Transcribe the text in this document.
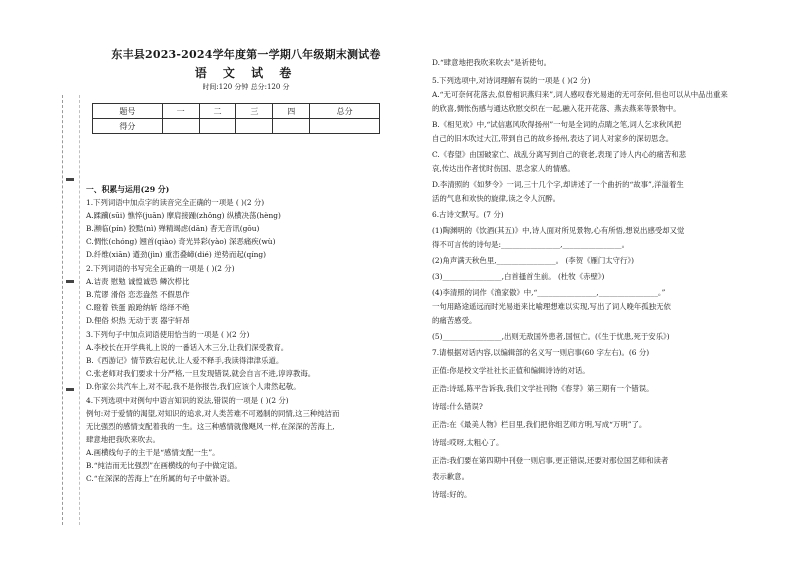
东丰县2023-2024学年度第一学期八年级期末测试卷
语 文 试 卷
时间:120 分钟 总分:120 分
题号	一	二	三	四	总分
得分					
一、积累与运用(29 分)
1.下列词语中加点字的读音完全正确的一项是 ( )(2 分)
A.蹂躏(sūi) 憔悴(juān) 摩肩接踵(zhǒng) 纵横决荡(hèng)
B.濒临(pín) 狡黠(nì) 殚精竭虑(dān) 杳无音讯(gōu)
C.惆怅(chóng) 翘首(qiào) 奇光异彩(yào) 深恶痛疾(wù)
D.纤维(xiān) 遒劲(jìn) 重峦叠嶂(dié) 逆势而起(qíng)
2.下列词语的书写完全正确的一项是 ( )(2 分)
A.诘责 慰勉 诚惶诚恐 鳞次栉比
B.荒谬 滑俗 恋恋盎然 不假思作
C.瞪着 铁蛋 踉跄纳斩 络绎不绝
D.俚俗 炽热 无动于衷 器宇轩昂
3.下列句子中加点词语使用恰当的一项是 ( )(2 分)
A.李校长在开学典礼上说的一番话入木三分,让我们深受教育。
B.《西游记》情节跌宕起伏,让人爱不释手,我读得津津乐道。
C.张老师对我们要求十分严格,一旦发现错误,就会自言不进,谆谆教诲。
D.你家公共汽车上,对不起,我不是你报告,我们应该个人肃然起敬。
4.下列选项中对例句中语言知识的说法,错误的一项是 ( )(2 分)
例句:对于爱情的渴望,对知识的追求,对人类苦难不可遏制的同情,这三种纯洁而
无比强烈的感情支配着我的一生。这三种感情就像飓风一样,在深深的苦海上,
肆意地把我吹来吹去。
A.画横线句子的主干是“感情支配一生”。
B.“纯洁而无比强烈”在画横线的句子中做定语。
C.“在深深的苦海上”在所属的句子中做补语。
D.“肆意地把我吹来吹去”是祈使句。
5.下列选项中,对诗词理解有误的一项是 ( )(2 分)
A.“无可奈何花落去,似曾相识燕归来”,词人感叹春光易逝的无可奈何,但也可以从中品出重来
的欣喜,惆怅伤感与通达欣慰交织在一起,融入花开花落、燕去燕来等景物中。
B.《相见欢》中,“试信惠风吹得扬州”一句是全词的点睛之笔,词人乞求秋风把
自己的旧木吹过大江,带到自己的故乡扬州,表达了词人对家乡的深切思念。
C.《春望》由国破家亡、战乱分离写到自己的衰老,表现了诗人内心的痛苦和悲
哀,传达出作者忧时伤国、思念家人的情感。
D.李清照的《如梦令》一词,三十几个字,却讲述了一个曲折的“故事”,洋溢着生
活的气息和欢快的旋律,读之令人沉醉。
6.古诗文默写。(7 分)
(1)陶渊明的《饮酒(其五)》中,诗人面对所见景物,心有所悟,想说出感受却又觉
得不可言传的诗句是:________________,________________。
(2)角声满天秋色里,________________。 (李贺《雁门太守行》)
(3)________________,白首搔首生前。 (杜牧《赤壁》)
(4)李清照的词作《渔家傲》中,“________________,________________。”
一句用路途遥远而时光易逝来比喻理想难以实现,写出了词人晚年孤独无依
的痛苦感受。
(5)________________,出则无敌国外患者,国恒亡。(《生于忧患,死于安乐》)
7.请根据对话内容,以编辑部的名义写一则启事(60 字左右)。(6 分)
正值:你是校文学社社长正值和编辑诗诗的对话。
正浩:诗瑶,陈平告诉我,我们文学社刊物《春芽》第三期有一个错误。
诗瑶:什么错误?
正浩:在《最美人物》栏目里,我们把你组艺师方明,写成“万明”了。
诗瑶:哎呀,太粗心了。
正浩:我们要在第四期中刊登一则启事,更正错误,还要对那位国艺师和读者
表示歉意。
诗瑶:好的。
